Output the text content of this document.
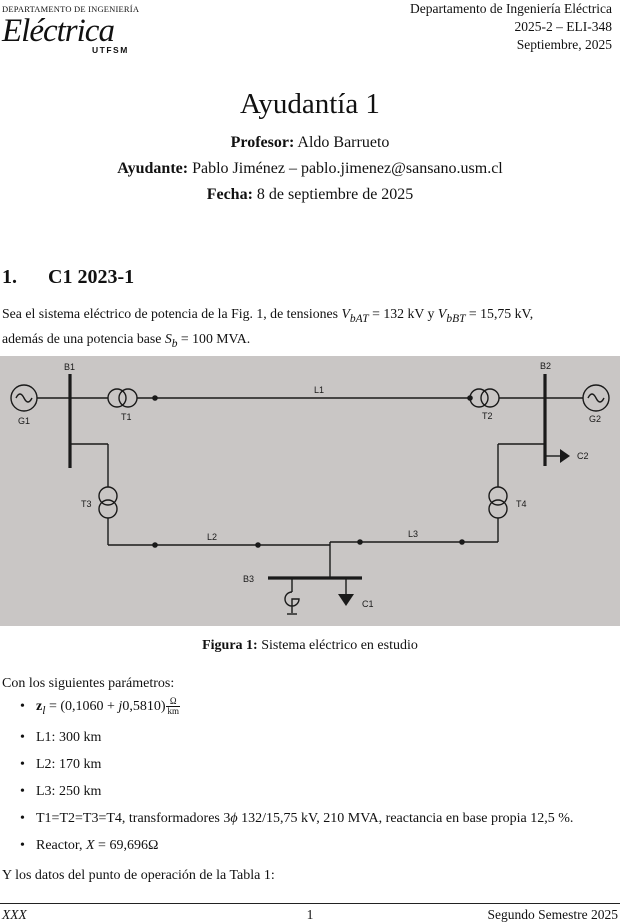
DEPARTAMENTO DE INGENIERÍA
Eléctrica
UTFSM
Departamento de Ingeniería Eléctrica
2025-2 – ELI-348
Septiembre, 2025
Ayudantía 1
Profesor: Aldo Barrueto
Ayudante: Pablo Jiménez – pablo.jimenez@sansano.usm.cl
Fecha: 8 de septiembre de 2025
1. C1 2023-1
Sea el sistema eléctrico de potencia de la Fig. 1, de tensiones $V_{bAT} = 132$ kV y $V_{bBT} = 15,75$ kV,
además de una potencia base $S_b = 100$ MVA.
B1	B2
B3
G1	G2
T1	T2
T3	T4
L1
L2	L3
C1
C2
Figura 1: Sistema eléctrico en estudio
Con los siguientes parámetros:
• $z_l = (0,1060 + j0,5810) \frac{\Omega}{km}$
• L1: 300 km
• L2: 170 km
• L3: 250 km
• T1=T2=T3=T4, transformadores 3ϕ 132/15,75 kV, 210 MVA, reactancia en base propia 12,5 %.
• Reactor, X = 69,696Ω
Y los datos del punto de operación de la Tabla 1:
XXX	1	Segundo Semestre 2025
